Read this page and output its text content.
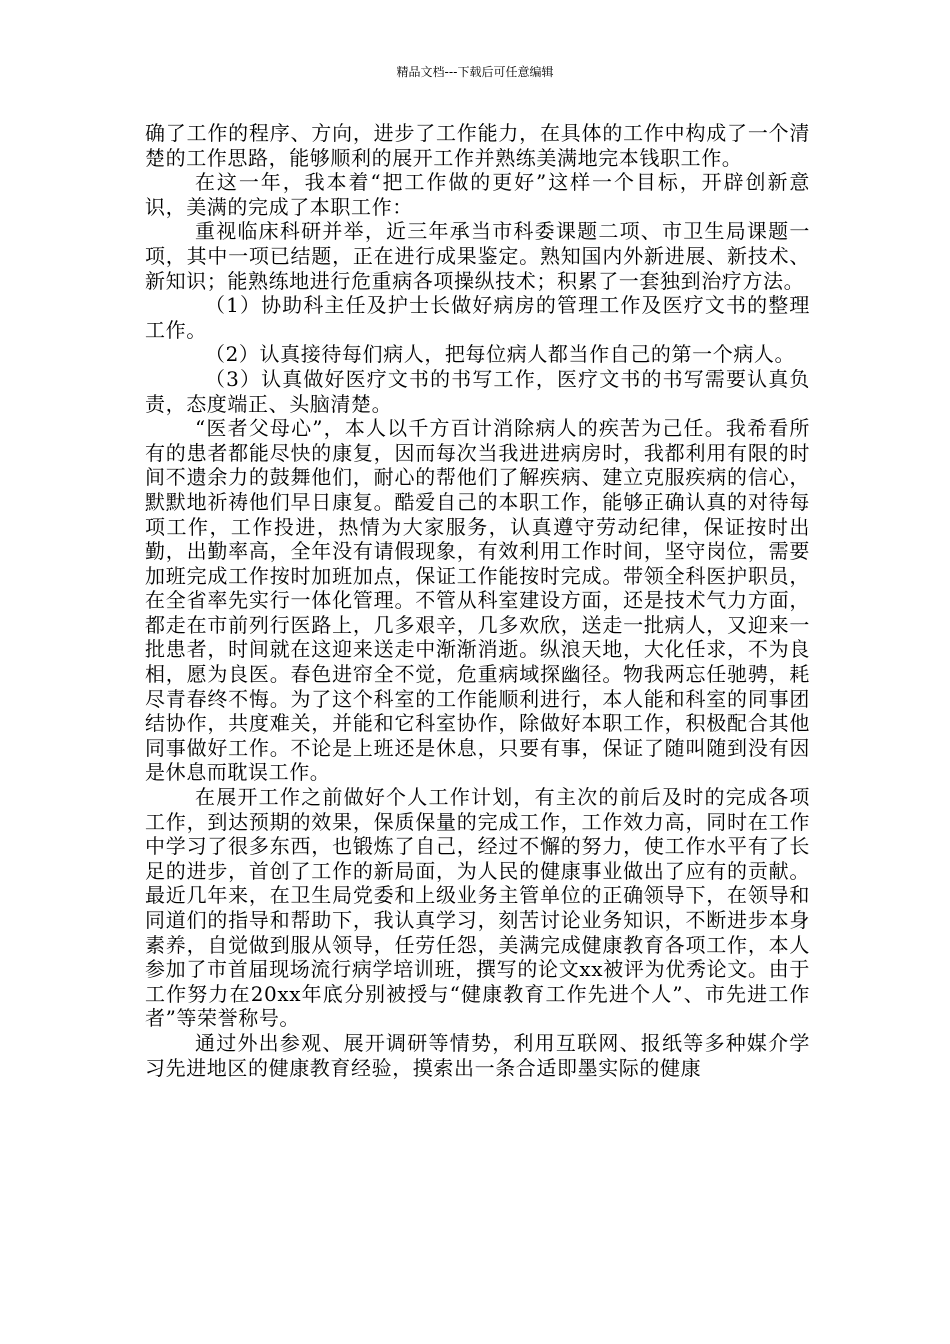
精品文档---下载后可任意编辑

确了工作的程序、方向，进步了工作能力，在具体的工作中构成了一个清楚的工作思路，能够顺利的展开工作并熟练美满地完本钱职工作。

在这一年，我本着“把工作做的更好”这样一个目标，开辟创新意识，美满的完成了本职工作：

重视临床科研并举，近三年承当市科委课题二项、市卫生局课题一项，其中一项已结题，正在进行成果鉴定。熟知国内外新进展、新技术、新知识；能熟练地进行危重病各项操纵技术；积累了一套独到治疗方法。

（1）协助科主任及护士长做好病房的管理工作及医疗文书的整理工作。

（2）认真接待每们病人，把每位病人都当作自己的第一个病人。

（3）认真做好医疗文书的书写工作，医疗文书的书写需要认真负责，态度端正、头脑清楚。

“医者父母心”，本人以千方百计消除病人的疾苦为己任。我希看所有的患者都能尽快的康复，因而每次当我进进病房时，我都利用有限的时间不遗余力的鼓舞他们，耐心的帮他们了解疾病、建立克服疾病的信心，默默地祈祷他们早日康复。酷爱自己的本职工作，能够正确认真的对待每项工作，工作投进，热情为大家服务，认真遵守劳动纪律，保证按时出勤，出勤率高，全年没有请假现象，有效利用工作时间，坚守岗位，需要加班完成工作按时加班加点，保证工作能按时完成。带领全科医护职员，在全省率先实行一体化管理。不管从科室建设方面，还是技术气力方面，都走在市前列行医路上，几多艰辛，几多欢欣，送走一批病人，又迎来一批患者，时间就在这迎来送走中渐渐消逝。纵浪天地，大化任求，不为良相，愿为良医。春色进帘全不觉，危重病域探幽径。物我两忘任驰骋，耗尽青春终不悔。为了这个科室的工作能顺利进行，本人能和科室的同事团结协作，共度难关，并能和它科室协作，除做好本职工作，积极配合其他同事做好工作。不论是上班还是休息，只要有事，保证了随叫随到没有因是休息而耽误工作。

在展开工作之前做好个人工作计划，有主次的前后及时的完成各项工作，到达预期的效果，保质保量的完成工作，工作效力高，同时在工作中学习了很多东西，也锻炼了自己，经过不懈的努力，使工作水平有了长足的进步，首创了工作的新局面，为人民的健康事业做出了应有的贡献。最近几年来，在卫生局党委和上级业务主管单位的正确领导下，在领导和同道们的指导和帮助下，我认真学习，刻苦讨论业务知识，不断进步本身素养，自觉做到服从领导，任劳任怨，美满完成健康教育各项工作，本人参加了市首届现场流行病学培训班，撰写的论文xx被评为优秀论文。由于工作努力在20xx年底分别被授与“健康教育工作先进个人”、市先进工作者”等荣誉称号。

通过外出参观、展开调研等情势，利用互联网、报纸等多种媒介学习先进地区的健康教育经验，摸索出一条合适即墨实际的健康
